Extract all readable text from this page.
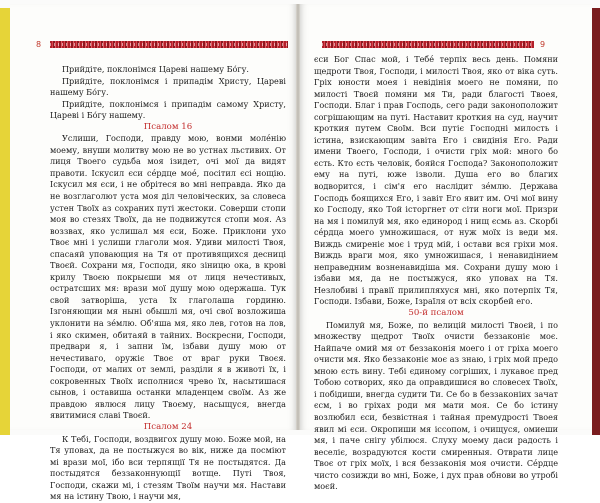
8

Прийдіте, поклонімся Цареві нашему Бо́гу.

Прийдіте, поклонімся і припадім Христу, Цареві нашему Бо́гу.

Прийдіте, поклонімся і припадім самому Христу, Цареві і Бо́гу нашему.

Псалом 16

Услиши, Господи, правду мою, вонми молéнію моему, внуши молитву мою не во устнах льстивих. От лиця Твоего судьба моя ізидет, очі мої да видят правоти. Іскусил єси сéрдце моé, посітил єсі нощію. Іскусил мя єси, і не обрітеся во мні неправда. Яко да не возглаголют уста моя діл человіческих, за словеса устен Твоїх аз сохраних путі жестоки. Соверши стопи моя во стезях Твоїх, да не подвижутся стопи моя. Аз воззвах, яко услишал мя єси, Боже. Приклони ухо Твоє мні і услиши глаголи моя. Удиви милості Твоя, спасаяй уповающия на Тя от противящихся десниці Твоєй. Сохрани мя, Господи, яко зіницю ока, в крові крилу Твоєю покрыєши мя от лиця нечестивых, остратсших мя: врази мої душу мою одержаша. Тук свой затворіша, уста їх глаголаша гординю. Ізгоняющии мя ныні обышлі мя, очі свої возложиша уклонити на зéмлю. Об'яша мя, яко лев, готов на лов, і яко скимен, обитаяй в тайних. Воскресни, Господи, предвари я, і запни їм, ізбави душу мою от нечестиваго, оружіє Твоє от враг руки Твоєя. Господи, от малих от землі, разділи я в животі їх, і сокровенных Твоїх исполнися чрево їх, насытишася сынов, і оставиша останки младенцем своїм. Аз же правдою явлюся лицу Твоєму, насыщуся, внегда явитимися славі Твоєй.

Псалом 24

К Тебі, Господи, воздвигох душу мою. Боже мой, на Тя уповах, да не постыжуся во вік, ниже да посміют мі врази мої, ібо вси терпящії Тя не постыдятся. Да постыдятся беззаконнующії вотще. Путі Твоя, Господи, скажи мі, і стезям Твоїм научи мя. Настави мя на істину Твою, і научи мя,

9

єси Бог Спас мой, і Тебé терпіх весь день. Помяни щедроти Твоя, Господи, і милості Твоя, яко от віка суть. Гріх юности моея і невідінія моего не помяни, по милості Твоєй помяни мя Ти, ради благості Твоея, Господи. Благ і прав Господь, сего ради законоположит согрішающим на путі. Наставит кроткия на суд, научит кроткия путем Своїм. Вси путіє Господні милость і істина, взискающим завіта Его і свидінія Его. Ради имени Твоего, Господи, і очисти гріх мой: много бо єсть. Кто єсть человік, бояйся Господа? Законоположит ему на путі, юже ізволи. Душа его во благих водворится, і сім'я его наслідит зéмлю. Держава Господь боящихся Его, і завіт Его явит им. Очі мої вину ко Господу, яко Той історгнет от сіти ноги мої. Призри на мя і помилуй мя, яко единород і нищ єсмь аз. Скорбі сéрдца моего умножишася, от нуж моїх із веди мя. Виждь смиреніє моє і труд мій, і остави вся гріхи моя. Виждь враги моя, яко умножишася, і ненавидінием неправедним возненавидіша мя. Сохрани душу мою і ізбави мя, да не постыжуся, яко уповах на Тя. Незлобиві і правії прилипляхуся мні, яко потерпіх Тя, Господи. Ізбави, Боже, Ізраїля от всіх скорбей его.

50-й псалом

Помилуй мя, Боже, по велицій милості Твоєй, і по множеству щедрот Твоїх очисти беззаконіє моє. Найпаче омий мя от беззаконія моего і от гріха моего очисти мя. Яко беззаконіє моє аз знаю, і гріх мой предо мною єсть вину. Тебі єдиному согріших, і лукавоє пред Тобою сотворих, яко да оправдишися во словесех Твоїх, і побідиши, внегда судити Ти. Се бо в беззаконіих зачат єсм, і во гріхах роди мя мати моя. Се бо істину возлюбил єси, безвістная і тайная премудрості Твоея явил мі єси. Окропиши мя іссопом, і очищуся, омиеши мя, і паче снігу убілюся. Слуху моему даси радость і веселіє, возрадуются кости смиренныя. Отврати лице Твоє от гріх моїх, і вся беззаконія моя очисти. Сéрдце чисто созижди во мні, Боже, і дух прав обнови во утробі моєй.
